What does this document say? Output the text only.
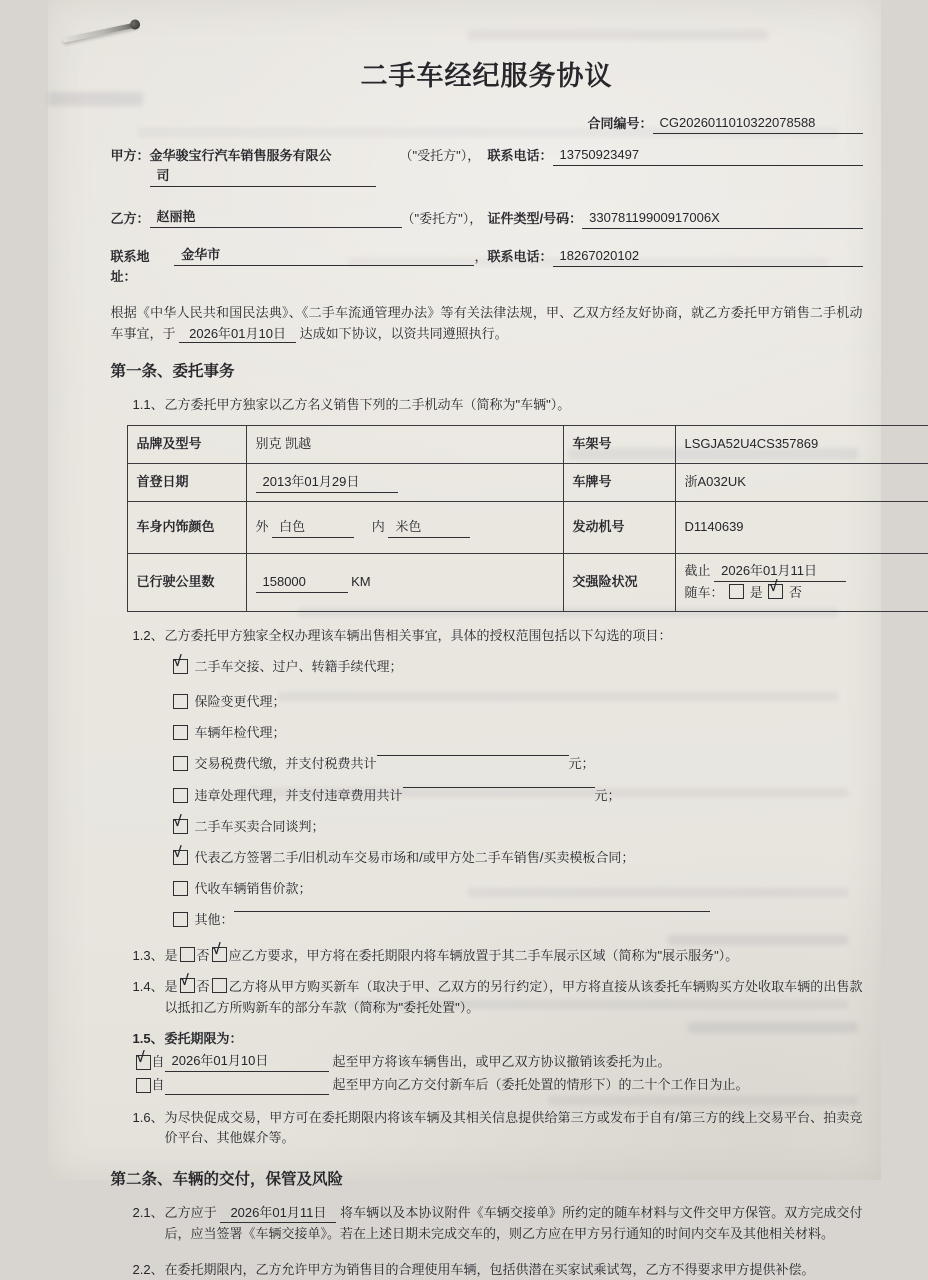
二手车经纪服务协议
合同编号： CG2026011010322078588
甲方： 金华骏宝行汽车销售服务有限公
司
（"受托方"）， 联系电话： 13750923497
乙方： 赵丽艳	（"委托方"）， 证件类型/号码： 33078119900917006X
联系地址：
金华市	， 联系电话： 18267020102

根据《中华人民共和国民法典》、《二手车流通管理办法》等有关法律法规，甲、乙双方经友好协商，就乙方委托甲方销售二手机动车事宜，于 2026年01月10日 达成如下协议，以资共同遵照执行。

第一条、委托事务
1.1、 乙方委托甲方独家以乙方名义销售下列的二手机动车（简称为"车辆"）。
品牌及型号	别克 凯越	车架号	LSGJA52U4CS357869
首登日期	2013年01月29日	车牌号	浙A032UK
车身内饰颜色	外 白色 内 米色	发动机号	D1140639
已行驶公里数	158000 KM	交强险状况	截止 2026年01月11日
随车： 是 √ 否
1.2、 乙方委托甲方独家全权办理该车辆出售相关事宜，具体的授权范围包括以下勾选的项目：
√ 二手车交接、过户、转籍手续代理；
保险变更代理；
车辆年检代理；
交易税费代缴，并支付税费共计	元；
违章处理代理，并支付违章费用共计	元；
√ 二手车买卖合同谈判；
√ 代表乙方签署二手/旧机动车交易市场和/或甲方处二手车销售/买卖模板合同；
代收车辆销售价款；
其他：
1.3、 是 否 √ 应乙方要求，甲方将在委托期限内将车辆放置于其二手车展示区域（简称为"展示服务"）。
1.4、 是 √ 否 乙方将从甲方购买新车（取决于甲、乙双方的另行约定），甲方将直接从该委托车辆购买方处收取车辆的出售款以抵扣乙方所购新车的部分车款（简称为"委托处置"）。
1.5、 委托期限为：
√ 自 2026年01月10日	起至甲方将该车辆售出，或甲乙双方协议撤销该委托为止。
自	起至甲方向乙方交付新车后（委托处置的情形下）的二十个工作日为止。
1.6、 为尽快促成交易，甲方可在委托期限内将该车辆及其相关信息提供给第三方或发布于自有/第三方的线上交易平台、拍卖竞价平台、其他媒介等。
第二条、车辆的交付，保管及风险
2.1、 乙方应于 2026年01月11日 将车辆以及本协议附件《车辆交接单》所约定的随车材料与文件交甲方保管。双方完成交付后，应当签署《车辆交接单》。若在上述日期未完成交车的，则乙方应在甲方另行通知的时间内交车及其他相关材料。
2.2、 在委托期限内，乙方允许甲方为销售目的合理使用车辆，包括供潜在买家试乘试驾，乙方不得要求甲方提供补偿。
